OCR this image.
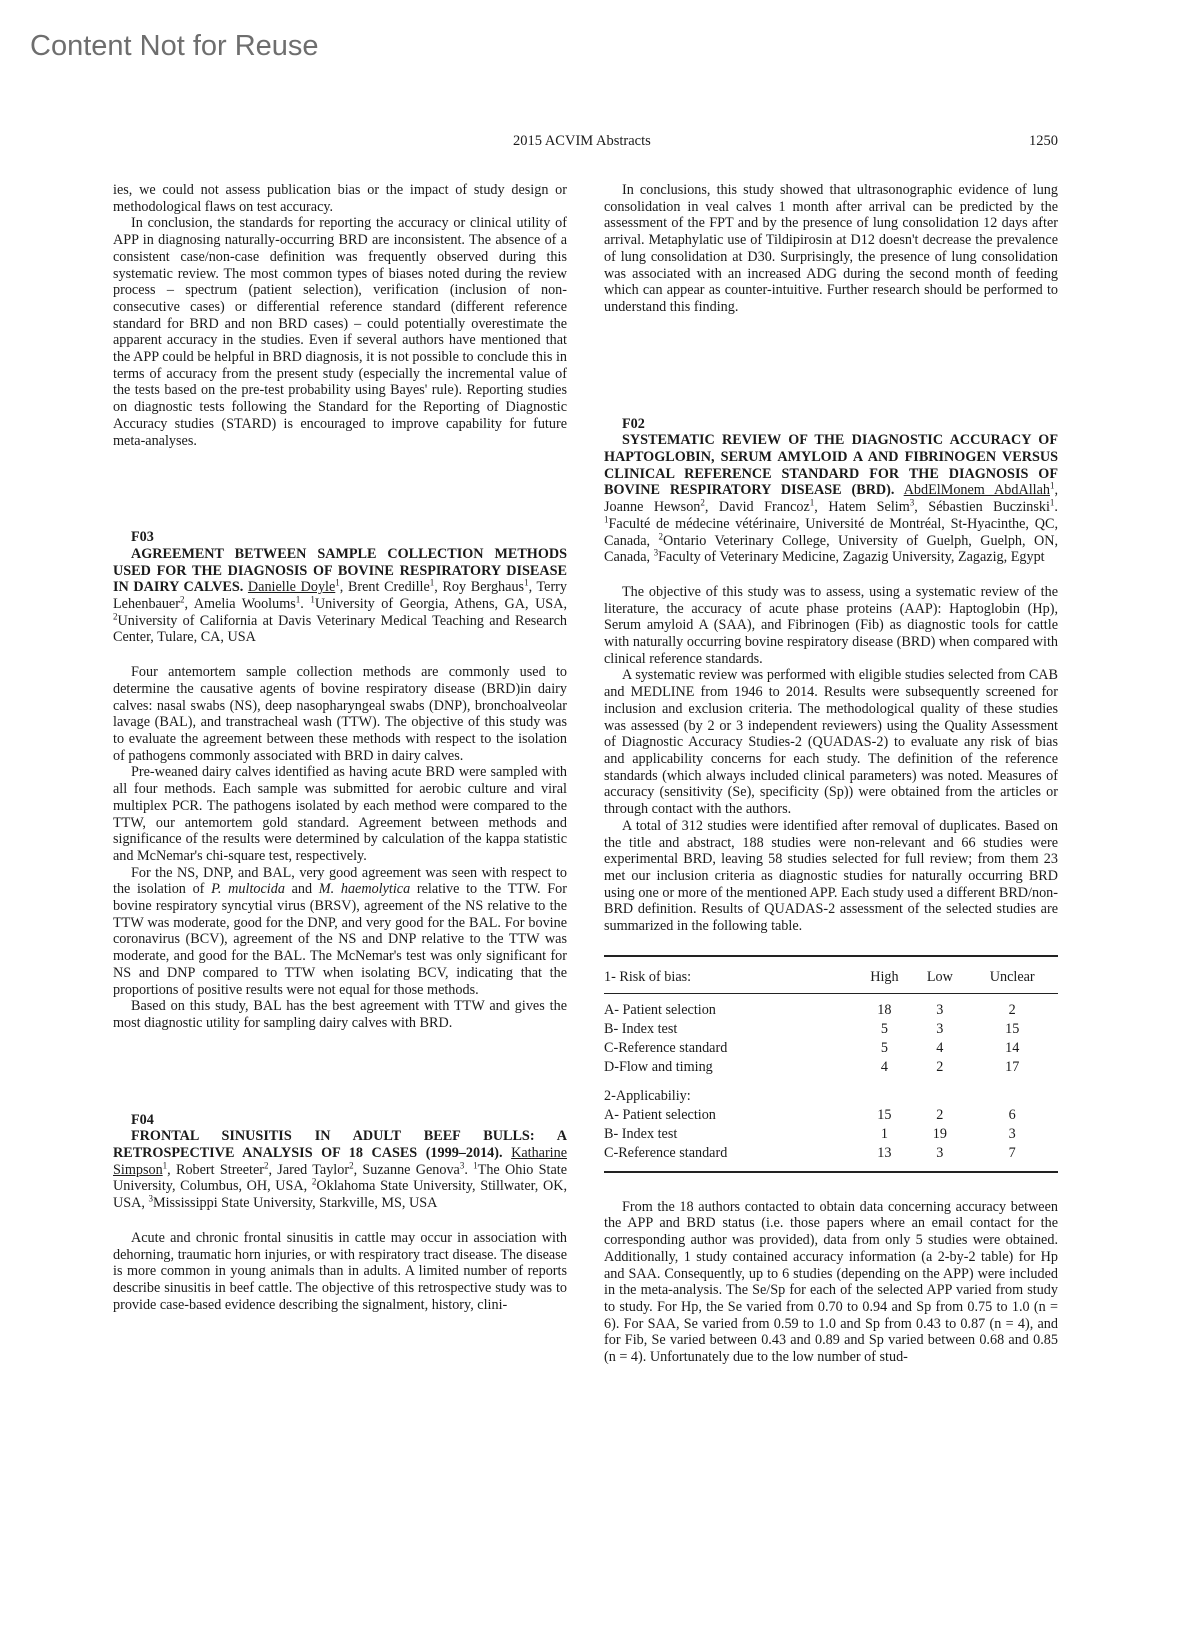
Content Not for Reuse
2015 ACVIM Abstracts	1250

ies, we could not assess publication bias or the impact of study design or methodological flaws on test accuracy.

In conclusion, the standards for reporting the accuracy or clinical utility of APP in diagnosing naturally-occurring BRD are inconsistent. The absence of a consistent case/non-case definition was frequently observed during this systematic review. The most common types of biases noted during the review process – spectrum (patient selection), verification (inclusion of non-consecutive cases) or differential reference standard (different reference standard for BRD and non BRD cases) – could potentially overestimate the apparent accuracy in the studies. Even if several authors have mentioned that the APP could be helpful in BRD diagnosis, it is not possible to conclude this in terms of accuracy from the present study (especially the incremental value of the tests based on the pre-test probability using Bayes' rule). Reporting studies on diagnostic tests following the Standard for the Reporting of Diagnostic Accuracy studies (STARD) is encouraged to improve capability for future meta-analyses.

F03

AGREEMENT BETWEEN SAMPLE COLLECTION METHODS USED FOR THE DIAGNOSIS OF BOVINE RESPIRATORY DISEASE IN DAIRY CALVES. Danielle Doyle$^1$, Brent Credille$^1$, Roy Berghaus$^1$, Terry Lehenbauer$^2$, Amelia Woolums$^1$. $^1$University of Georgia, Athens, GA, USA, $^2$University of California at Davis Veterinary Medical Teaching and Research Center, Tulare, CA, USA

Four antemortem sample collection methods are commonly used to determine the causative agents of bovine respiratory disease (BRD)in dairy calves: nasal swabs (NS), deep nasopharyngeal swabs (DNP), bronchoalveolar lavage (BAL), and transtracheal wash (TTW). The objective of this study was to evaluate the agreement between these methods with respect to the isolation of pathogens commonly associated with BRD in dairy calves.

Pre-weaned dairy calves identified as having acute BRD were sampled with all four methods. Each sample was submitted for aerobic culture and viral multiplex PCR. The pathogens isolated by each method were compared to the TTW, our antemortem gold standard. Agreement between methods and significance of the results were determined by calculation of the kappa statistic and McNemar's chi-square test, respectively.

For the NS, DNP, and BAL, very good agreement was seen with respect to the isolation of P. multocida and M. haemolytica relative to the TTW. For bovine respiratory syncytial virus (BRSV), agreement of the NS relative to the TTW was moderate, good for the DNP, and very good for the BAL. For bovine coronavirus (BCV), agreement of the NS and DNP relative to the TTW was moderate, and good for the BAL. The McNemar's test was only significant for NS and DNP compared to TTW when isolating BCV, indicating that the proportions of positive results were not equal for those methods.

Based on this study, BAL has the best agreement with TTW and gives the most diagnostic utility for sampling dairy calves with BRD.

F04

FRONTAL SINUSITIS IN ADULT BEEF BULLS: A RETROSPECTIVE ANALYSIS OF 18 CASES (1999–2014). Katharine Simpson$^1$, Robert Streeter$^2$, Jared Taylor$^2$, Suzanne Genova$^3$. $^1$The Ohio State University, Columbus, OH, USA, $^2$Oklahoma State University, Stillwater, OK, USA, $^3$Mississippi State University, Starkville, MS, USA

Acute and chronic frontal sinusitis in cattle may occur in association with dehorning, traumatic horn injuries, or with respiratory tract disease. The disease is more common in young animals than in adults. A limited number of reports describe sinusitis in beef cattle. The objective of this retrospective study was to provide case-based evidence describing the signalment, history, clini-

In conclusions, this study showed that ultrasonographic evidence of lung consolidation in veal calves 1 month after arrival can be predicted by the assessment of the FPT and by the presence of lung consolidation 12 days after arrival. Metaphylatic use of Tildipirosin at D12 doesn't decrease the prevalence of lung consolidation at D30. Surprisingly, the presence of lung consolidation was associated with an increased ADG during the second month of feeding which can appear as counter-intuitive. Further research should be performed to understand this finding.

F02

SYSTEMATIC REVIEW OF THE DIAGNOSTIC ACCURACY OF HAPTOGLOBIN, SERUM AMYLOID A AND FIBRINOGEN VERSUS CLINICAL REFERENCE STANDARD FOR THE DIAGNOSIS OF BOVINE RESPIRATORY DISEASE (BRD). AbdElMonem AbdAllah$^1$, Joanne Hewson$^2$, David Francoz$^1$, Hatem Selim$^3$, Sébastien Buczinski$^1$. $^1$Faculté de médecine vétérinaire, Université de Montréal, St-Hyacinthe, QC, Canada, $^2$Ontario Veterinary College, University of Guelph, Guelph, ON, Canada, $^3$Faculty of Veterinary Medicine, Zagazig University, Zagazig, Egypt

The objective of this study was to assess, using a systematic review of the literature, the accuracy of acute phase proteins (AAP): Haptoglobin (Hp), Serum amyloid A (SAA), and Fibrinogen (Fib) as diagnostic tools for cattle with naturally occurring bovine respiratory disease (BRD) when compared with clinical reference standards.

A systematic review was performed with eligible studies selected from CAB and MEDLINE from 1946 to 2014. Results were subsequently screened for inclusion and exclusion criteria. The methodological quality of these studies was assessed (by 2 or 3 independent reviewers) using the Quality Assessment of Diagnostic Accuracy Studies-2 (QUADAS-2) to evaluate any risk of bias and applicability concerns for each study. The definition of the reference standards (which always included clinical parameters) was noted. Measures of accuracy (sensitivity (Se), specificity (Sp)) were obtained from the articles or through contact with the authors.

A total of 312 studies were identified after removal of duplicates. Based on the title and abstract, 188 studies were non-relevant and 66 studies were experimental BRD, leaving 58 studies selected for full review; from them 23 met our inclusion criteria as diagnostic studies for naturally occurring BRD using one or more of the mentioned APP. Each study used a different BRD/non-BRD definition. Results of QUADAS-2 assessment of the selected studies are summarized in the following table.

1- Risk of bias:	High	Low	Unclear
A- Patient selection	18	3	2
B- Index test	5	3	15
C-Reference standard	5	4	14
D-Flow and timing	4	2	17
2-Applicabiliy:			
A- Patient selection	15	2	6
B- Index test	1	19	3
C-Reference standard	13	3	7

From the 18 authors contacted to obtain data concerning accuracy between the APP and BRD status (i.e. those papers where an email contact for the corresponding author was provided), data from only 5 studies were obtained. Additionally, 1 study contained accuracy information (a 2-by-2 table) for Hp and SAA. Consequently, up to 6 studies (depending on the APP) were included in the meta-analysis. The Se/Sp for each of the selected APP varied from study to study. For Hp, the Se varied from 0.70 to 0.94 and Sp from 0.75 to 1.0 (n = 6). For SAA, Se varied from 0.59 to 1.0 and Sp from 0.43 to 0.87 (n = 4), and for Fib, Se varied between 0.43 and 0.89 and Sp varied between 0.68 and 0.85 (n = 4). Unfortunately due to the low number of stud-
